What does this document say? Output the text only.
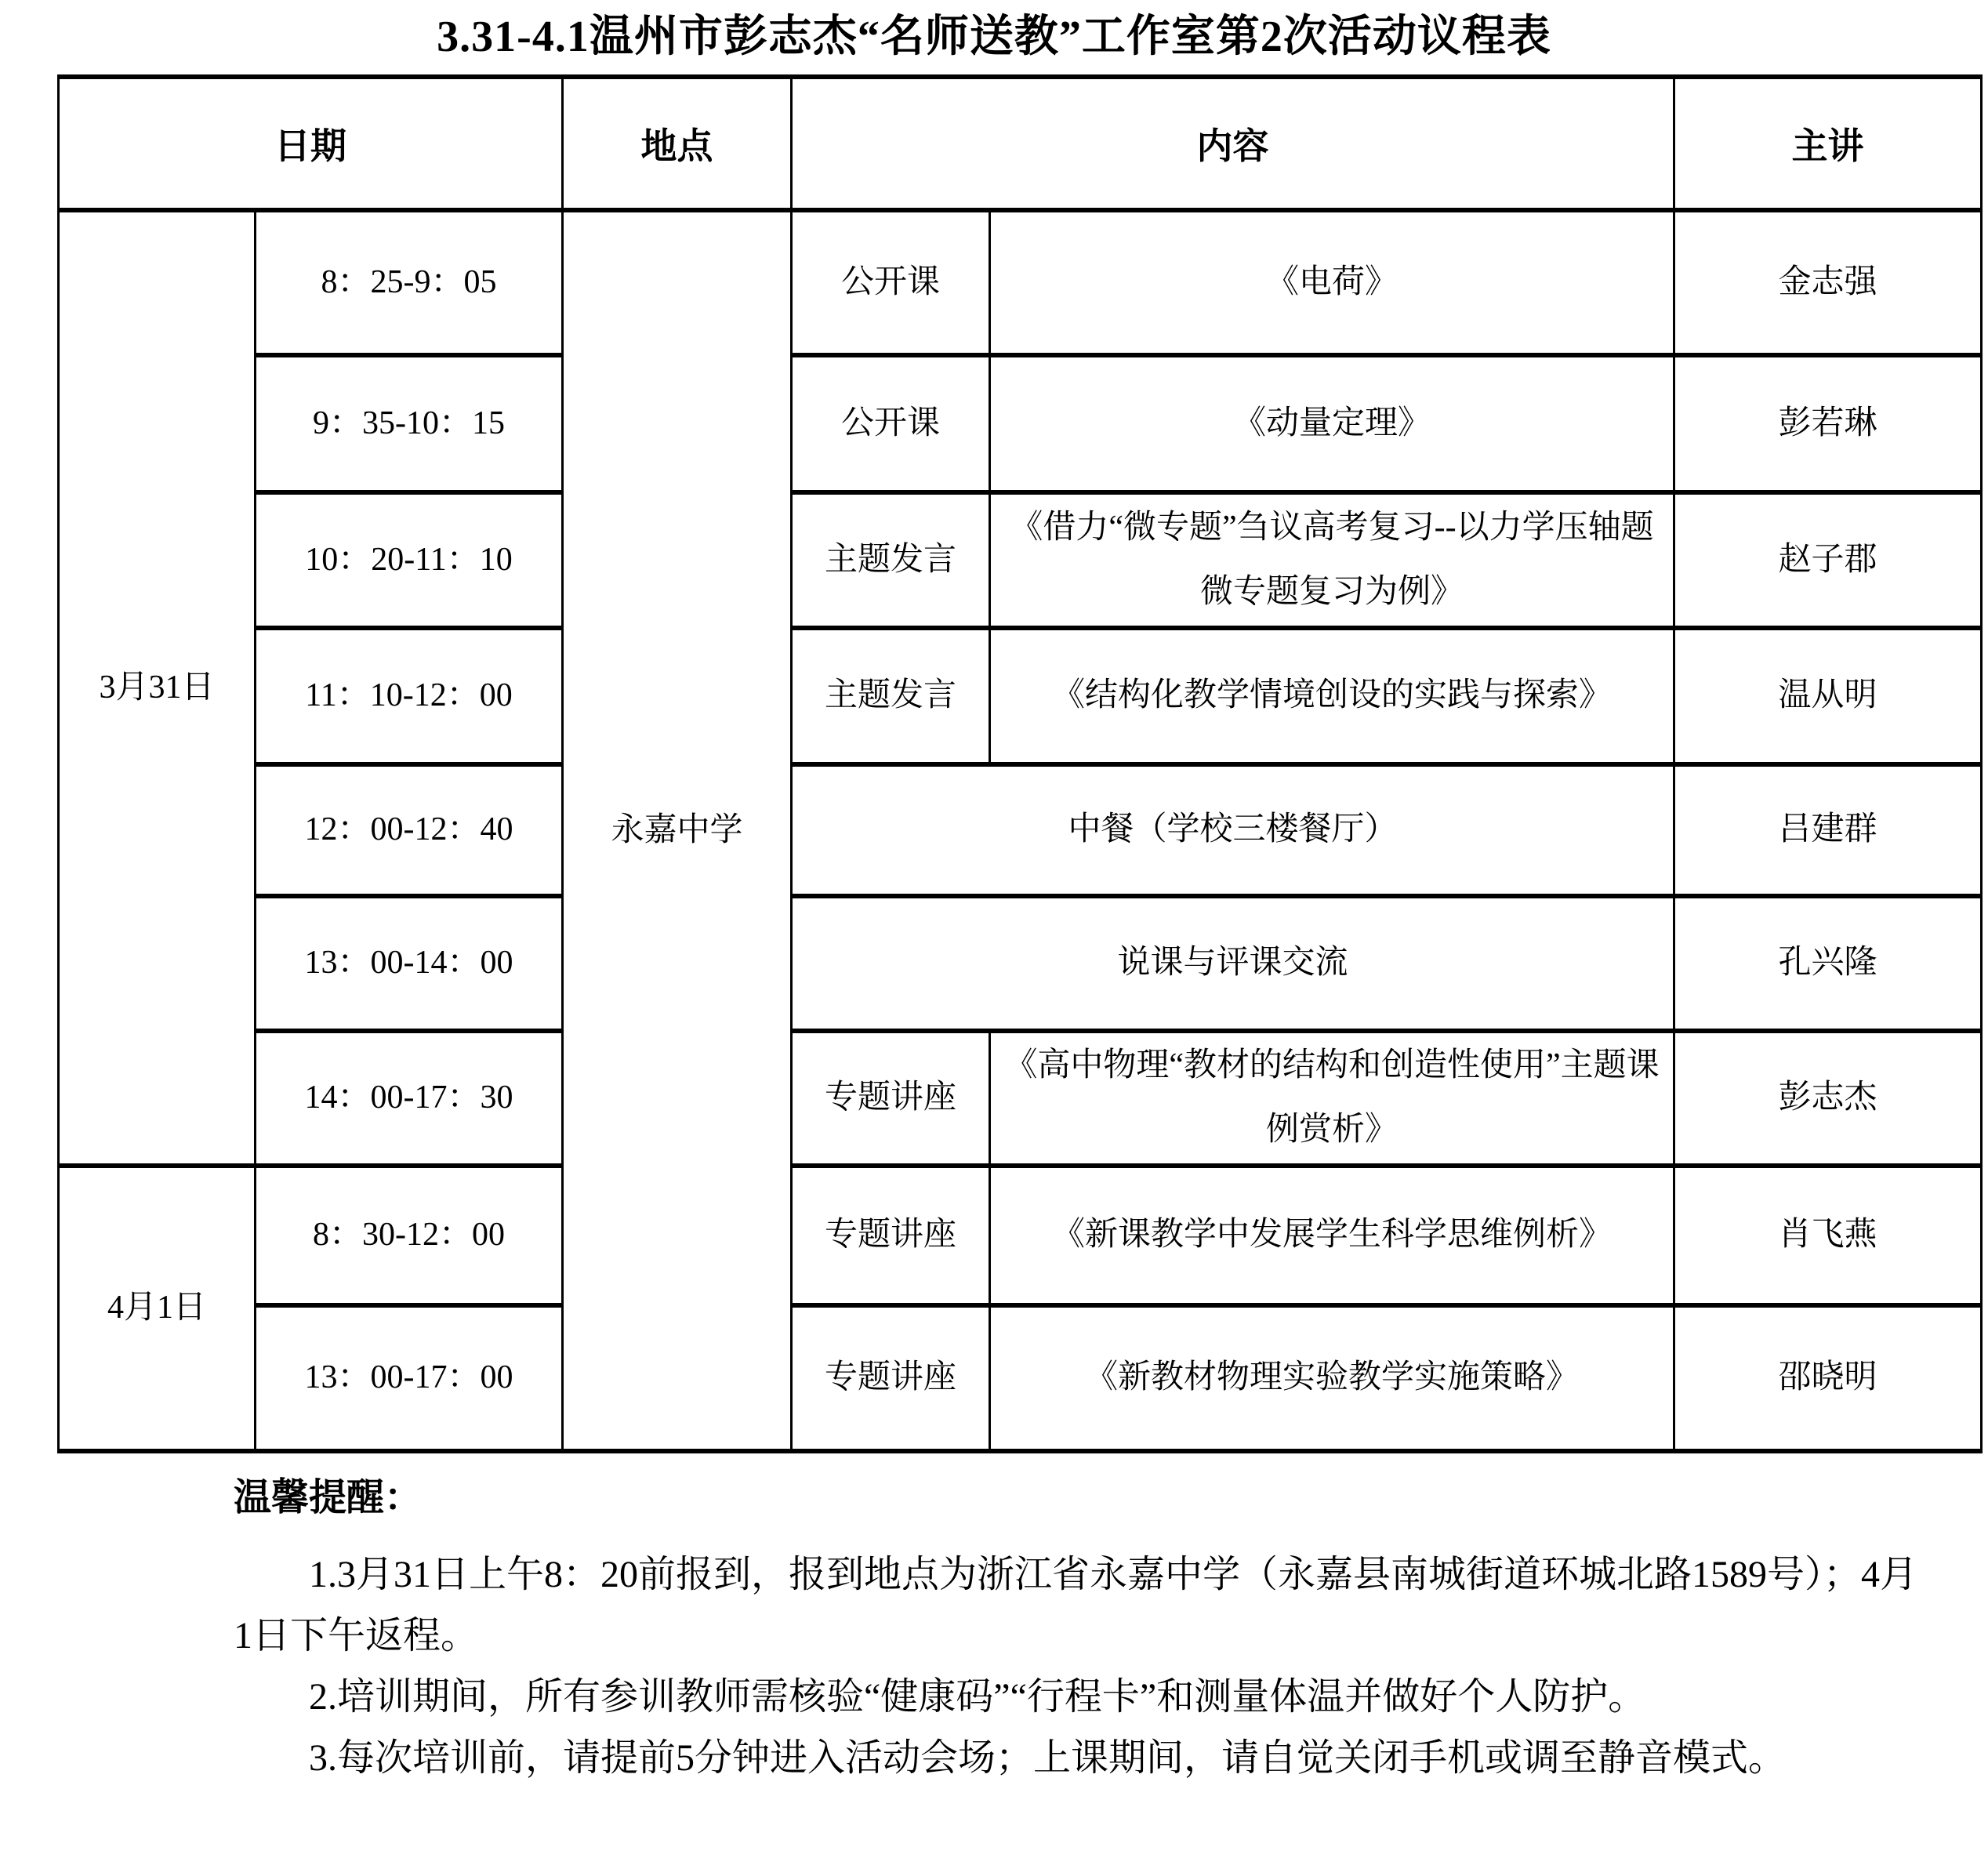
3.31-4.1温州市彭志杰“名师送教”工作室第2次活动议程表
日期		地点	内容		主讲
3月31日	8：25-9：05	永嘉中学	公开课	《电荷》	金志强
	9：35-10：15		公开课	《动量定理》	彭若琳
	10：20-11：10		主题发言	《借力“微专题”刍议高考复习--以力学压轴题微专题复习为例》	赵子郡
	11：10-12：00		主题发言	《结构化教学情境创设的实践与探索》	温从明
	12：00-12：40		中餐（学校三楼餐厅）		吕建群
	13：00-14：00		说课与评课交流		孔兴隆
	14：00-17：30		专题讲座	《高中物理“教材的结构和创造性使用”主题课例赏析》	彭志杰
4月1日	8：30-12：00		专题讲座	《新课教学中发展学生科学思维例析》	肖飞燕
	13：00-17：00		专题讲座	《新教材物理实验教学实施策略》	邵晓明
温馨提醒：

1.3月31日上午8：20前报到，报到地点为浙江省永嘉中学（永嘉县南城街道环城北路1589号）；4月1日下午返程。

2.培训期间，所有参训教师需核验“健康码”“行程卡”和测量体温并做好个人防护。

3.每次培训前，请提前5分钟进入活动会场；上课期间，请自觉关闭手机或调至静音模式。
